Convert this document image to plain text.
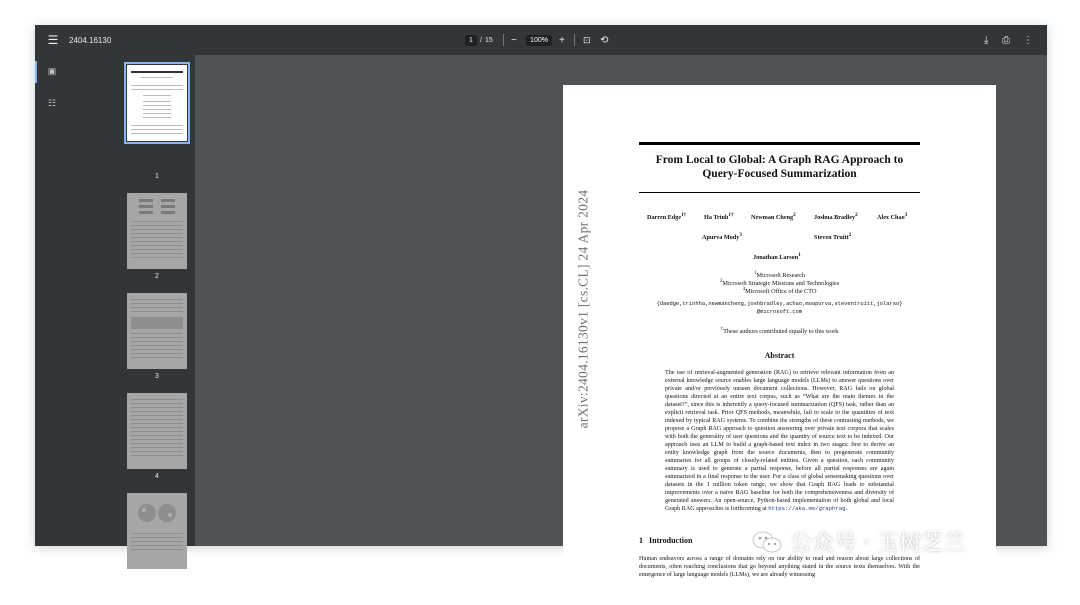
☰	2404.16130	1	/ 15 −	100%	+ ⊡ ⟲	⤓ ⎙ ⋮
▣
☷
1
2
3
4
arXiv:2404.16130v1 [cs.CL] 24 Apr 2024
From Local to Global: A Graph RAG Approach to
Query-Focused Summarization
Darren Edge$^{1\dagger}$	Ha Trinh$^{1\dagger}$	Newman Cheng$^2$	Joshua Bradley$^2$	Alex Chao$^3$
Apurva Mody$^3$	Steven Truitt$^2$
Jonathan Larson$^1$
$^1$Microsoft Research
$^2$Microsoft Strategic Missions and Technologies
$^3$Microsoft Office of the CTO
{daedge,trinhha,newmancheng,joshbradley,achao,moapurva,steventruitt,jolarso}
@microsoft.com
†These authors contributed equally to this work
Abstract
The use of retrieval-augmented generation (RAG) to retrieve relevant information from an external knowledge source enables large language models (LLMs) to answer questions over private and/or previously unseen document collections. However, RAG fails on global questions directed at an entire text corpus, such as “What are the main themes in the dataset?”, since this is inherently a query-focused summarization (QFS) task, rather than an explicit retrieval task. Prior QFS methods, meanwhile, fail to scale to the quantities of text indexed by typical RAG systems. To combine the strengths of these contrasting methods, we propose a Graph RAG approach to question answering over private text corpora that scales with both the generality of user questions and the quantity of source text to be indexed. Our approach uses an LLM to build a graph-based text index in two stages: first to derive an entity knowledge graph from the source documents, then to pregenerate community summaries for all groups of closely-related entities. Given a question, each community summary is used to generate a partial response, before all partial responses are again summarized in a final response to the user. For a class of global sensemaking questions over datasets in the 1 million token range, we show that Graph RAG leads to substantial improvements over a naïve RAG baseline for both the comprehensiveness and diversity of generated answers. An open-source, Python-based implementation of both global and local Graph RAG approaches is forthcoming at https://aka.ms/graphrag.
1 Introduction
Human endeavors across a range of domains rely on our ability to read and reason about large collections of documents, often reaching conclusions that go beyond anything stated in the source texts themselves. With the emergence of large language models (LLMs), we are already witnessing
公众号 · 玉树芝兰
